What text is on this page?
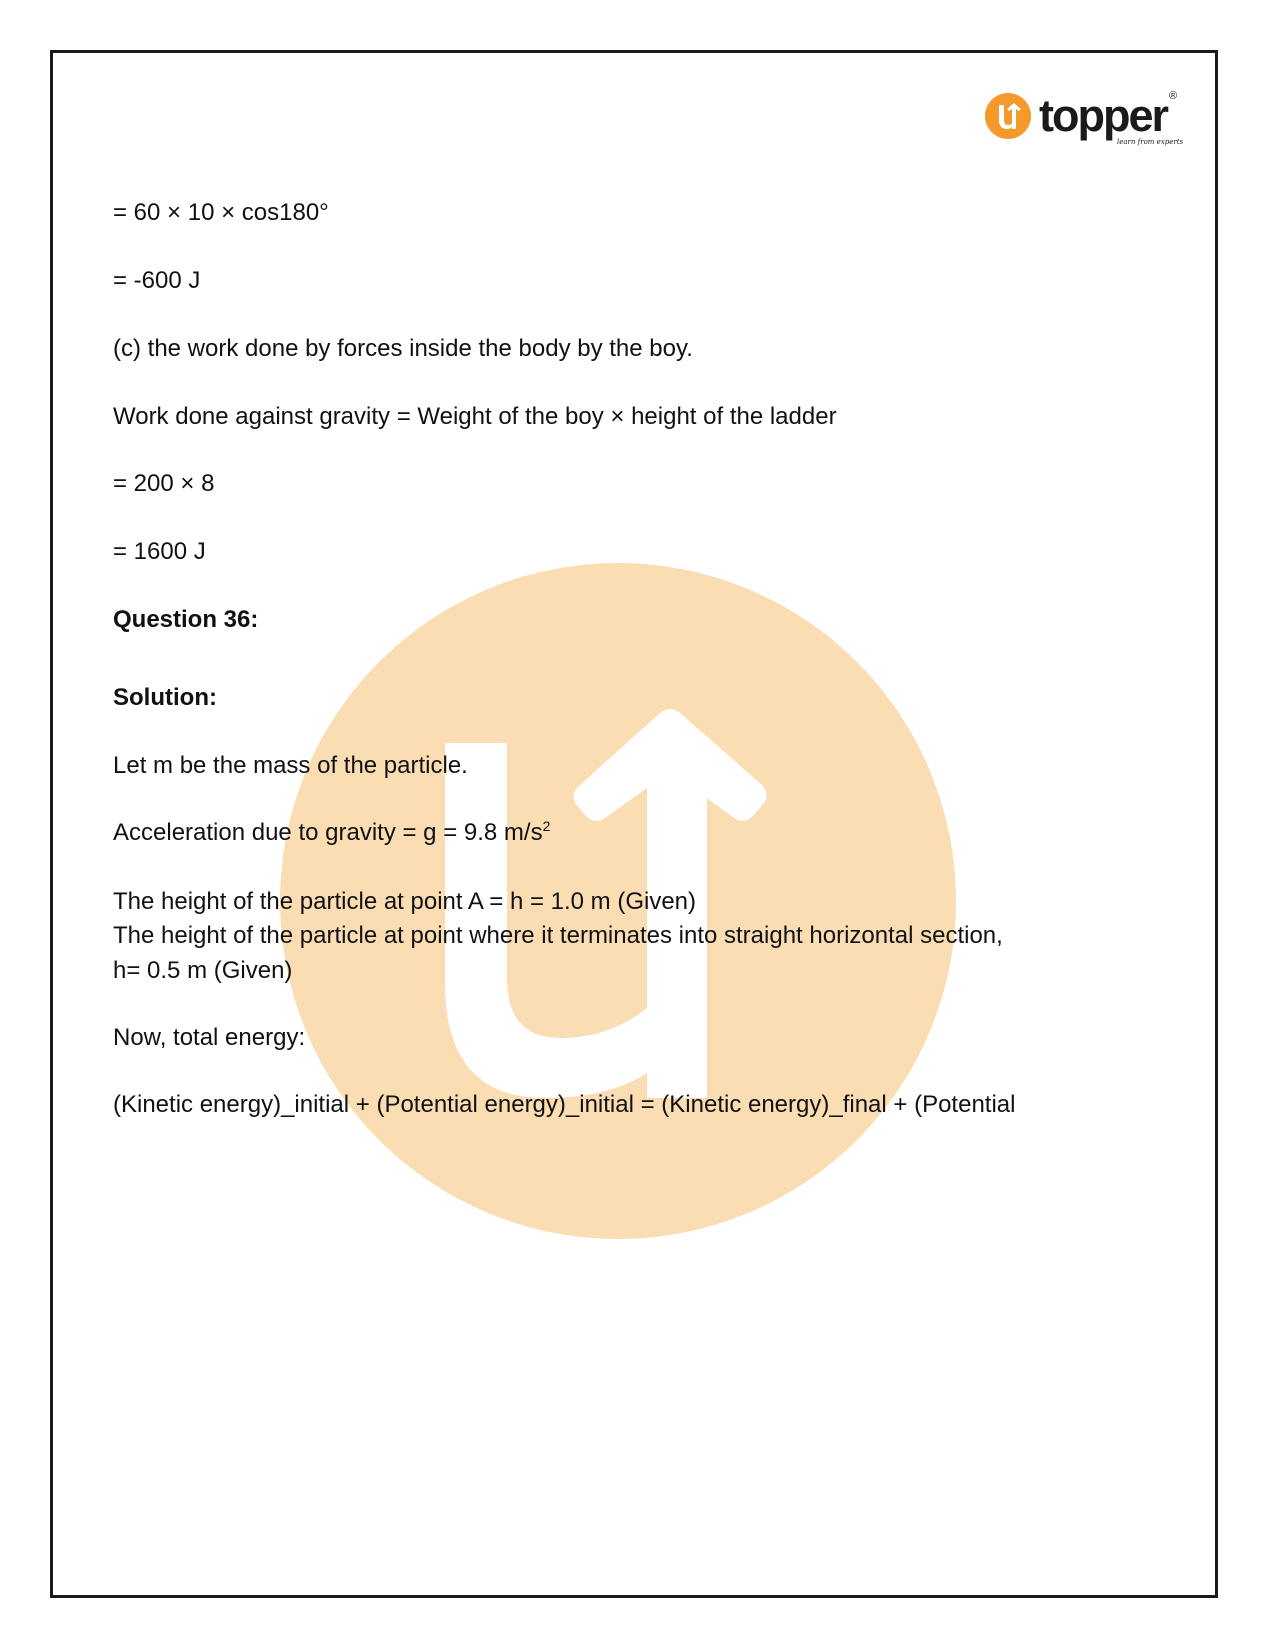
topper ®
learn from experts
= 60 × 10 × cos180°
= -600 J
(c) the work done by forces inside the body by the boy.
Work done against gravity = Weight of the boy × height of the ladder
= 200 × 8
= 1600 J
Question 36:
Solution:
Let m be the mass of the particle.
Acceleration due to gravity = g = 9.8 $m/s^2$
The height of the particle at point A = h = 1.0 m (Given)
The height of the particle at point where it terminates into straight horizontal section,
h= 0.5 m (Given)
Now, total energy:
(Kinetic energy)_initial + (Potential energy)_initial = (Kinetic energy)_final + (Potential
